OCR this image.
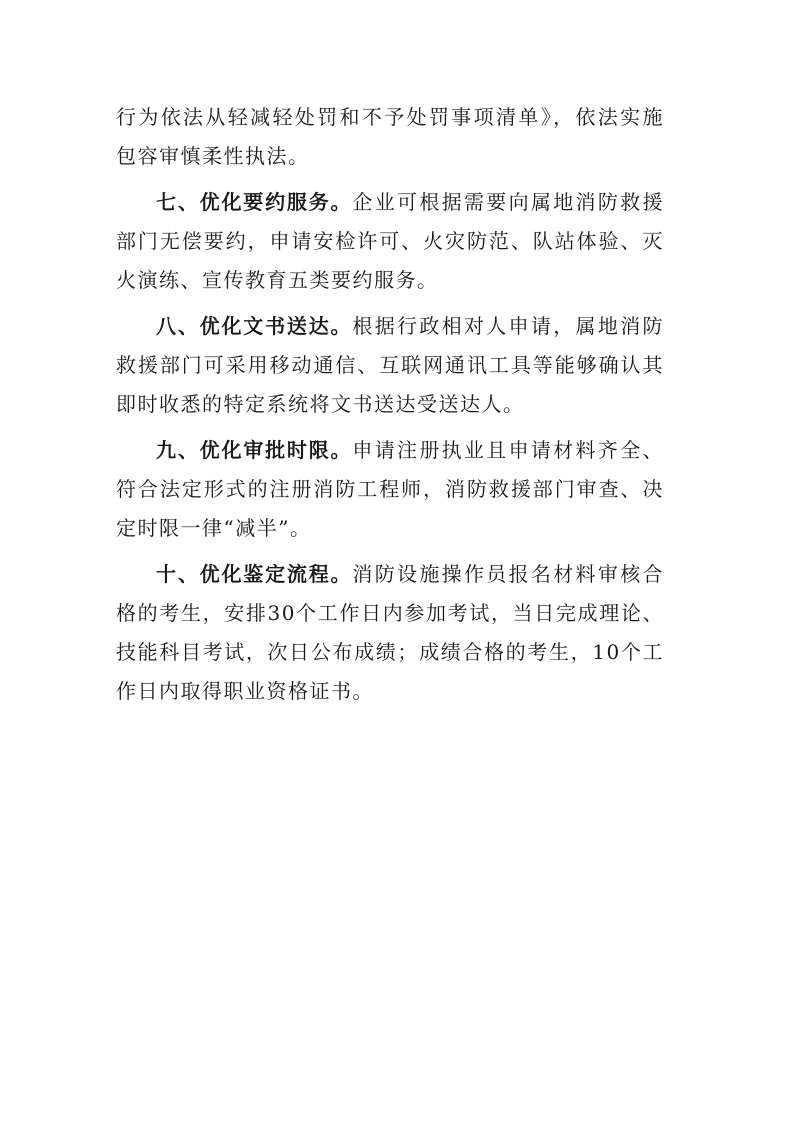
行为依法从轻减轻处罚和不予处罚事项清单》，依法实施包容审慎柔性执法。

七、优化要约服务。企业可根据需要向属地消防救援部门无偿要约，申请安检许可、火灾防范、队站体验、灭火演练、宣传教育五类要约服务。

八、优化文书送达。根据行政相对人申请，属地消防救援部门可采用移动通信、互联网通讯工具等能够确认其即时收悉的特定系统将文书送达受送达人。

九、优化审批时限。申请注册执业且申请材料齐全、符合法定形式的注册消防工程师，消防救援部门审查、决定时限一律“减半”。

十、优化鉴定流程。消防设施操作员报名材料审核合格的考生，安排30个工作日内参加考试，当日完成理论、技能科目考试，次日公布成绩；成绩合格的考生，10个工作日内取得职业资格证书。
